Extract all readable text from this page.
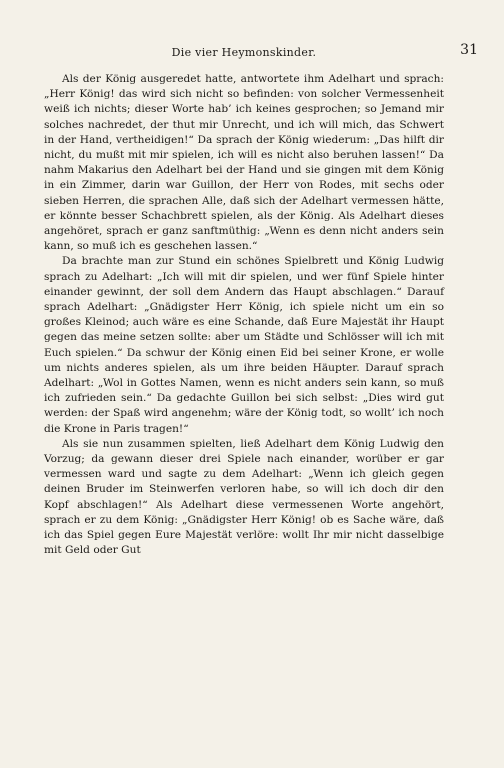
Die vier Heymonskinder.	31

Als der König ausgeredet hatte, antwortete ihm Adelhart und sprach: „Herr König! das wird sich nicht so befinden: von solcher Vermessenheit weiß ich nichts; dieser Worte hab’ ich keines gesprochen; so Jemand mir solches nachredet, der thut mir Unrecht, und ich will mich, das Schwert in der Hand, vertheidigen!“ Da sprach der König wiederum: „Das hilft dir nicht, du mußt mit mir spielen, ich will es nicht also beruhen lassen!“ Da nahm Makarius den Adelhart bei der Hand und sie gingen mit dem König in ein Zimmer, darin war Guillon, der Herr von Rodes, mit sechs oder sieben Herren, die sprachen Alle, daß sich der Adelhart vermessen hätte, er könnte besser Schachbrett spielen, als der König. Als Adelhart dieses angehöret, sprach er ganz sanftmüthig: „Wenn es denn nicht anders sein kann, so muß ich es geschehen lassen.“

Da brachte man zur Stund ein schönes Spielbrett und König Ludwig sprach zu Adelhart: „Ich will mit dir spielen, und wer fünf Spiele hinter einander gewinnt, der soll dem Andern das Haupt abschlagen.“ Darauf sprach Adelhart: „Gnädigster Herr König, ich spiele nicht um ein so großes Kleinod; auch wäre es eine Schande, daß Eure Majestät ihr Haupt gegen das meine setzen sollte: aber um Städte und Schlösser will ich mit Euch spielen.“ Da schwur der König einen Eid bei seiner Krone, er wolle um nichts anderes spielen, als um ihre beiden Häupter. Darauf sprach Adelhart: „Wol in Gottes Namen, wenn es nicht anders sein kann, so muß ich zufrieden sein.“ Da gedachte Guillon bei sich selbst: „Dies wird gut werden: der Spaß wird angenehm; wäre der König todt, so wollt’ ich noch die Krone in Paris tragen!“

Als sie nun zusammen spielten, ließ Adelhart dem König Ludwig den Vorzug; da gewann dieser drei Spiele nach einander, worüber er gar vermessen ward und sagte zu dem Adelhart: „Wenn ich gleich gegen deinen Bruder im Steinwerfen verloren habe, so will ich doch dir den Kopf abschlagen!“ Als Adelhart diese vermessenen Worte angehört, sprach er zu dem König: „Gnädigster Herr König! ob es Sache wäre, daß ich das Spiel gegen Eure Majestät verlöre: wollt Ihr mir nicht dasselbige mit Geld oder Gut
